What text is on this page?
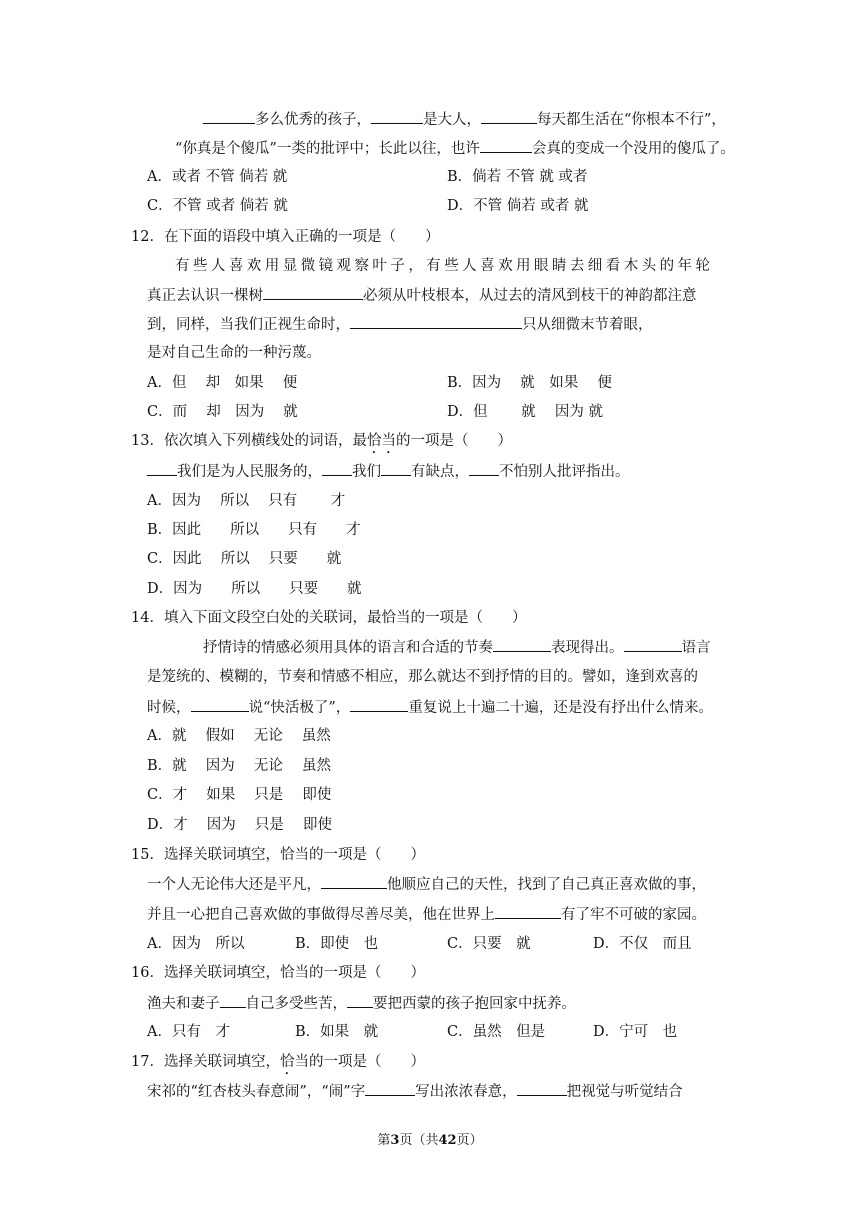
多么优秀的孩子，	是大人，	每天都生活在“你根本不行”，
“你真是个傻瓜”一类的批评中；长此以往，也许	会真的变成一个没用的傻瓜了。
A．或者 不管 倘若 就	B．倘若 不管 就 或者
C．不管 或者 倘若 就	D．不管 倘若 或者 就
12．在下面的语段中填入正确的一项是（　　）
有些人喜欢用显微镜观察叶子，有些人喜欢用眼睛去细看木头的年轮
真正去认识一棵树	必须从叶枝根本，从过去的清风到枝干的神韵都注意
到，同样，当我们正视生命时，	只从细微末节着眼，
是对自己生命的一种污蔑。
A．但　 却　如果　 便	B．因为　 就　如果　 便
C．而　 却　因为　 就	D．但　　 就　 因为 就
13．依次填入下列横线处的词语，最恰当的一项是（　　）
我们是为人民服务的， 我们 有缺点， 不怕别人批评指出。
A．因为　 所以　 只有　　 才
B．因此　　所以　　只有　　才
C．因此　 所以　 只要　　就
D．因为　　所以　　只要　　就
14．填入下面文段空白处的关联词，最恰当的一项是（　　）
抒情诗的情感必须用具体的语言和合适的节奏	表现得出。	语言
是笼统的、模糊的，节奏和情感不相应，那么就达不到抒情的目的。譬如，逢到欢喜的
时候，	说“快活极了”，	重复说上十遍二十遍，还是没有抒出什么情来。
A．就　 假如　 无论　 虽然
B．就　 因为　 无论　 虽然
C．才　 如果　 只是　 即使
D．才　 因为　 只是　 即使
15．选择关联词填空，恰当的一项是（　　）
一个人无论伟大还是平凡，	他顺应自己的天性，找到了自己真正喜欢做的事，
并且一心把自己喜欢做的事做得尽善尽美，他在世界上	有了牢不可破的家园。
A．因为　所以	B．即使　也	C．只要　就	D．不仅　而且
16．选择关联词填空，恰当的一项是（　　）
渔夫和妻子 自己多受些苦， 要把西蒙的孩子抱回家中抚养。
A．只有　才	B．如果　就	C．虽然　但是	D．宁可　也
17．选择关联词填空，恰当的一项是（　　）
宋祁的“红杏枝头春意闹”，“闹”字	写出浓浓春意，	把视觉与听觉结合
第3页（共42页）
